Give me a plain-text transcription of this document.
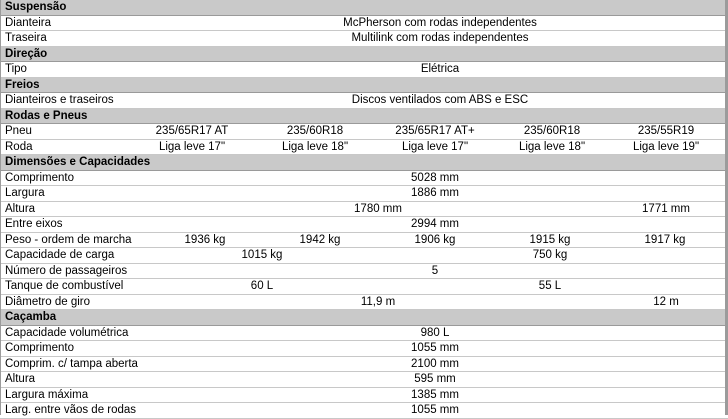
Suspensão
Dianteira	McPherson com rodas independentes
Traseira	Multilink com rodas independentes
Direção
Tipo	Elétrica
Freios
Dianteiros e traseiros	Discos ventilados com ABS e ESC
Rodas e Pneus
Pneu	235/65R17 AT	235/60R18	235/65R17 AT+	235/60R18	235/55R19
Roda	Liga leve 17"	Liga leve 18"	Liga leve 17"	Liga leve 18"	Liga leve 19"
Dimensões e Capacidades
Comprimento	5028 mm
Largura	1886 mm
Altura	1780 mm	1771 mm
Entre eixos	2994 mm
Peso - ordem de marcha	1936 kg	1942 kg	1906 kg	1915 kg	1917 kg
Capacidade de carga	1015 kg	750 kg
Número de passageiros	5
Tanque de combustível	60 L	55 L
Diâmetro de giro	11,9 m	12 m
Caçamba
Capacidade volumétrica	980 L
Comprimento	1055 mm
Comprim. c/ tampa aberta	2100 mm
Altura	595 mm
Largura máxima	1385 mm
Larg. entre vãos de rodas	1055 mm
